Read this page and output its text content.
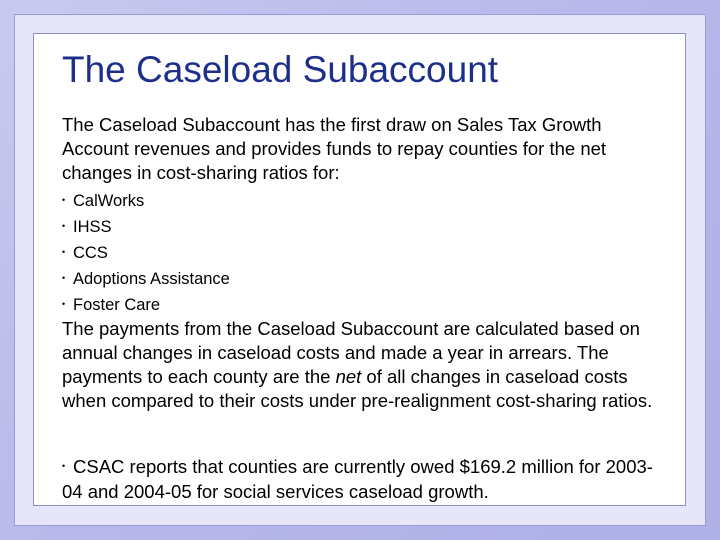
The Caseload Subaccount

The Caseload Subaccount has the first draw on Sales Tax Growth Account revenues and provides funds to repay counties for the net changes in cost-sharing ratios for:

• CalWorks
• IHSS
• CCS
• Adoptions Assistance
• Foster Care

The payments from the Caseload Subaccount are calculated based on annual changes in caseload costs and made a year in arrears. The payments to each county are the net of all changes in caseload costs when compared to their costs under pre-realignment cost-sharing ratios.

• CSAC reports that counties are currently owed $169.2 million for 2003-04 and 2004-05 for social services caseload growth.
